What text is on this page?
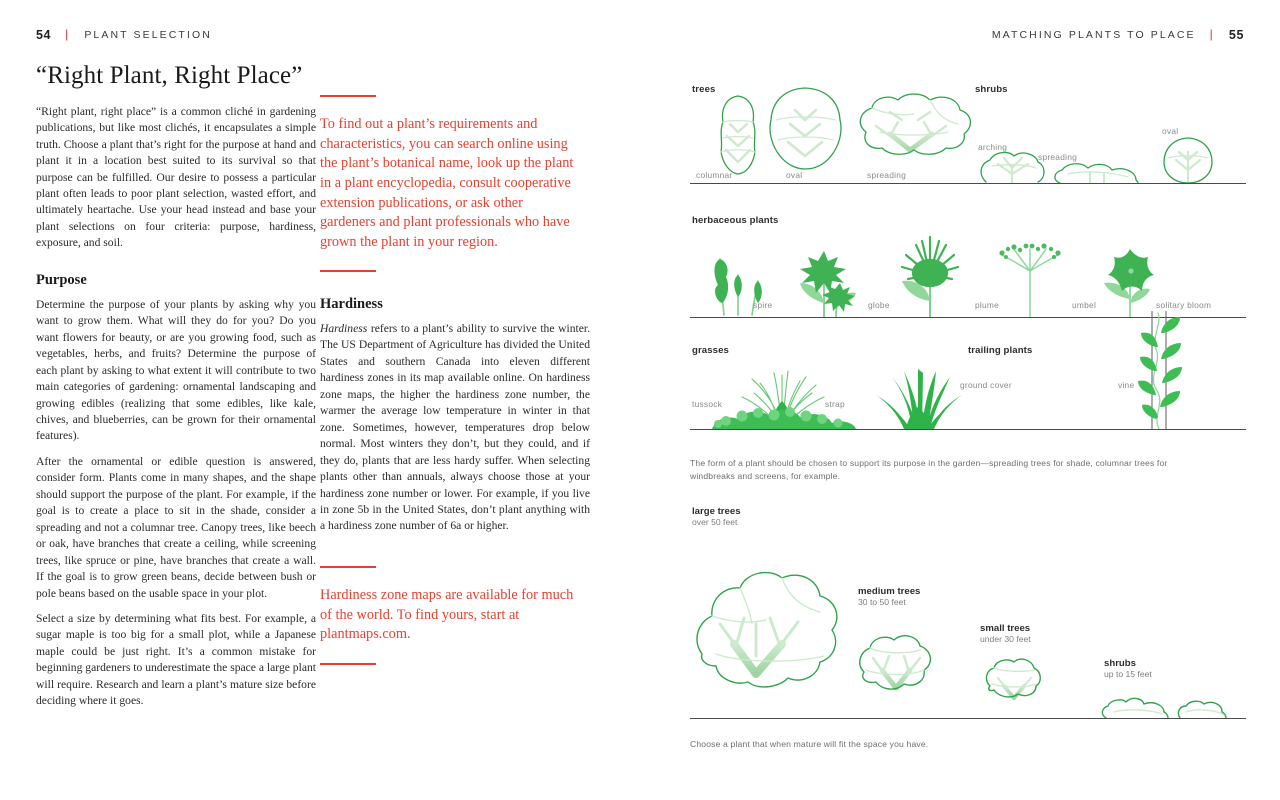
54 | PLANT SELECTION	MATCHING PLANTS TO PLACE | 55
“Right Plant, Right Place”

“Right plant, right place” is a common cliché in gardening publications, but like most clichés, it encapsulates a simple truth. Choose a plant that’s right for the purpose at hand and plant it in a location best suited to its survival so that purpose can be fulfilled. Our desire to possess a particular plant often leads to poor plant selection, wasted effort, and ultimately heartache. Use your head instead and base your plant selections on four criteria: purpose, hardiness, exposure, and soil.

Purpose

Determine the purpose of your plants by asking why you want to grow them. What will they do for you? Do you want flowers for beauty, or are you growing food, such as vegetables, herbs, and fruits? Determine the purpose of each plant by asking to what extent it will contribute to two main categories of gardening: ornamental landscaping and growing edibles (realizing that some edibles, like kale, chives, and blueberries, can be grown for their ornamental features).

After the ornamental or edible question is answered, consider form. Plants come in many shapes, and the shape should support the purpose of the plant. For example, if the goal is to create a place to sit in the shade, consider a spreading and not a columnar tree. Canopy trees, like beech or oak, have branches that create a ceiling, while screening trees, like spruce or pine, have branches that create a wall. If the goal is to grow green beans, decide between bush or pole beans based on the usable space in your plot.

Select a size by determining what fits best. For example, a sugar maple is too big for a small plot, while a Japanese maple could be just right. It’s a common mistake for beginning gardeners to underestimate the space a large plant will require. Research and learn a plant’s mature size before deciding where it goes.

To find out a plant’s requirements and characteristics, you can search online using the plant’s botanical name, look up the plant in a plant encyclopedia, consult cooperative extension publications, or ask other gardeners and plant professionals who have grown the plant in your region.

Hardiness

Hardiness refers to a plant’s ability to survive the winter. The US Department of Agriculture has divided the United States and southern Canada into eleven different hardiness zones in its map available online. On hardiness zone maps, the higher the hardiness zone number, the warmer the average low temperature in winter in that zone. Sometimes, however, temperatures drop below normal. Most winters they don’t, but they could, and if they do, plants that are less hardy suffer. When selecting plants other than annuals, always choose those at your hardiness zone number or lower. For example, if you live in zone 5b in the United States, don’t plant anything with a hardiness zone number of 6a or higher.

Hardiness zone maps are available for much of the world. To find yours, start at plantmaps.com.

trees	shrubs
columnar	oval	spreading
arching
spreading
oval
herbaceous plants
spire	globe	plume	umbel	solitary bloom
grasses	trailing plants
tussock	strap
ground cover	vine
The form of a plant should be chosen to support its purpose in the garden—spreading trees for shade, columnar trees for windbreaks and screens, for example.
large trees
over 50 feet
medium trees
30 to 50 feet
small trees
under 30 feet
shrubs
up to 15 feet
Choose a plant that when mature will fit the space you have.
